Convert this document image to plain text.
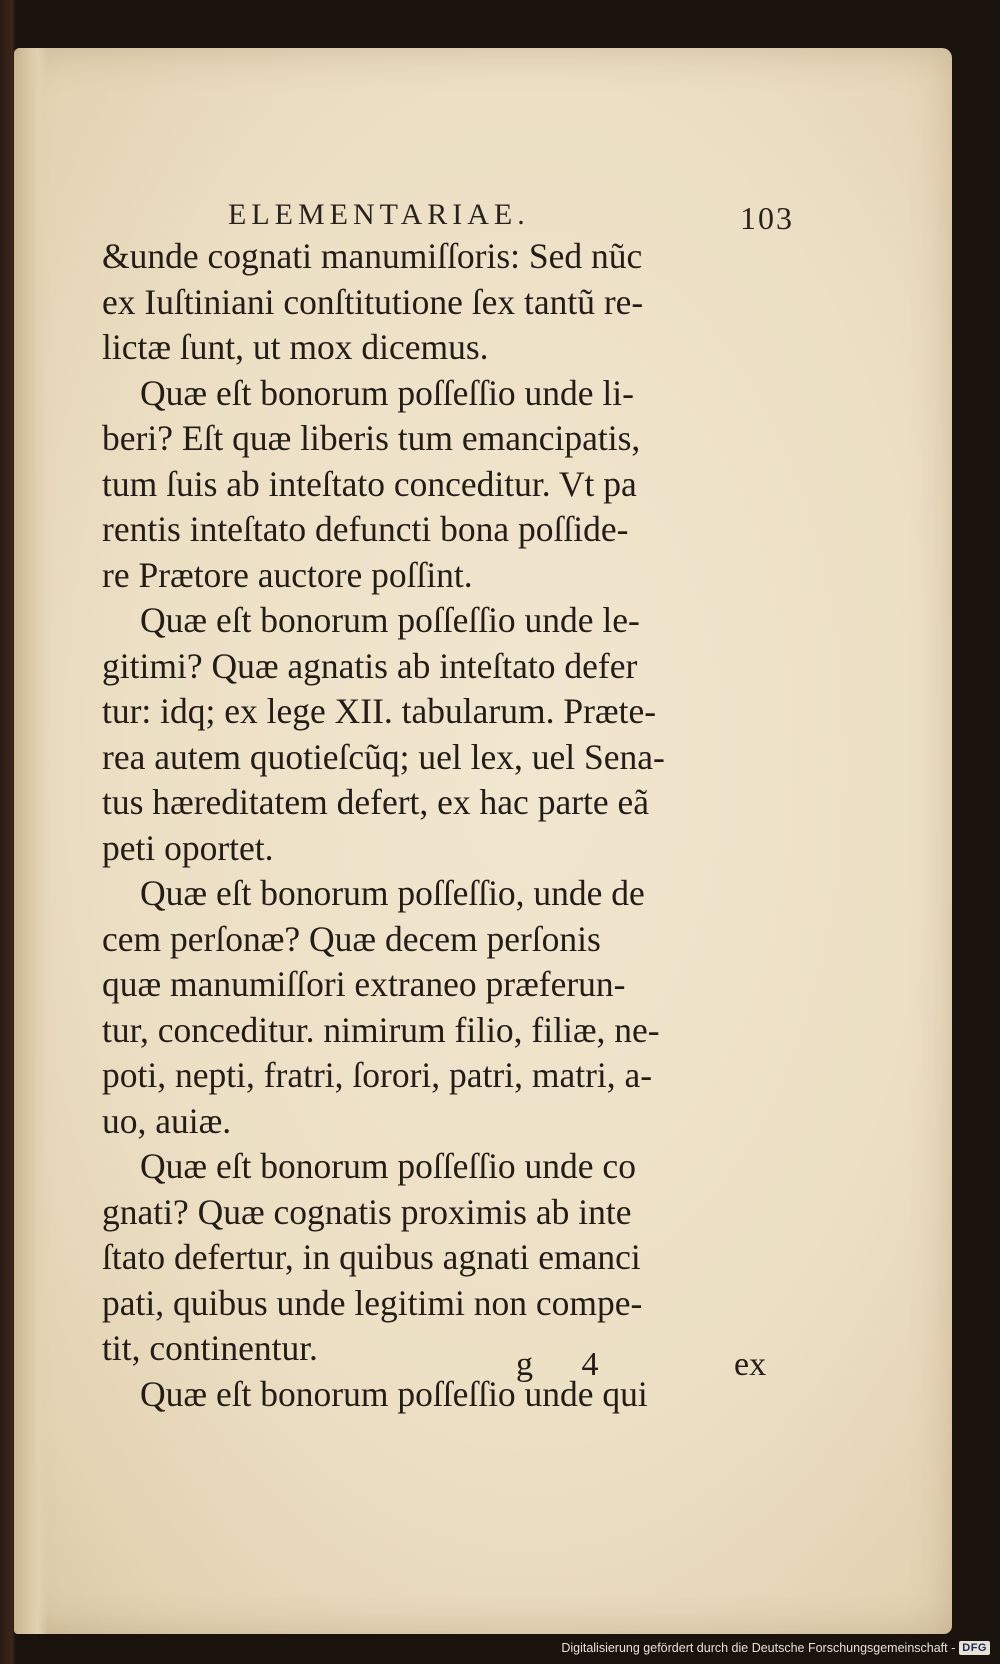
ELEMENTARIAE.	103
&unde cognati manumiſſoris: Sed nũc
ex Iuſtiniani conſtitutione ſex tantũ re-
lictæ ſunt, ut mox dicemus.
Quæ eſt bonorum poſſeſſio unde li-
beri? Eſt quæ liberis tum emancipatis,
tum ſuis ab inteſtato conceditur. Vt pa
rentis inteſtato defuncti bona poſſide-
re Prætore auctore poſſint.
Quæ eſt bonorum poſſeſſio unde le-
gitimi? Quæ agnatis ab inteſtato defer
tur: idq; ex lege XII. tabularum. Præte-
rea autem quotieſcũq; uel lex, uel Sena-
tus hæreditatem defert, ex hac parte eã
peti oportet.
Quæ eſt bonorum poſſeſſio, unde de
cem perſonæ? Quæ decem perſonis
quæ manumiſſori extraneo præferun-
tur, conceditur. nimirum filio, filiæ, ne-
poti, nepti, fratri, ſorori, patri, matri, a-
uo, auiæ.
Quæ eſt bonorum poſſeſſio unde co
gnati? Quæ cognatis proximis ab inte
ſtato defertur, in quibus agnati emanci
pati, quibus unde legitimi non compe-
tit, continentur.
Quæ eſt bonorum poſſeſſio unde qui
g 4	ex
Digitalisierung gefördert durch die Deutsche Forschungsgemeinschaft - DFG
